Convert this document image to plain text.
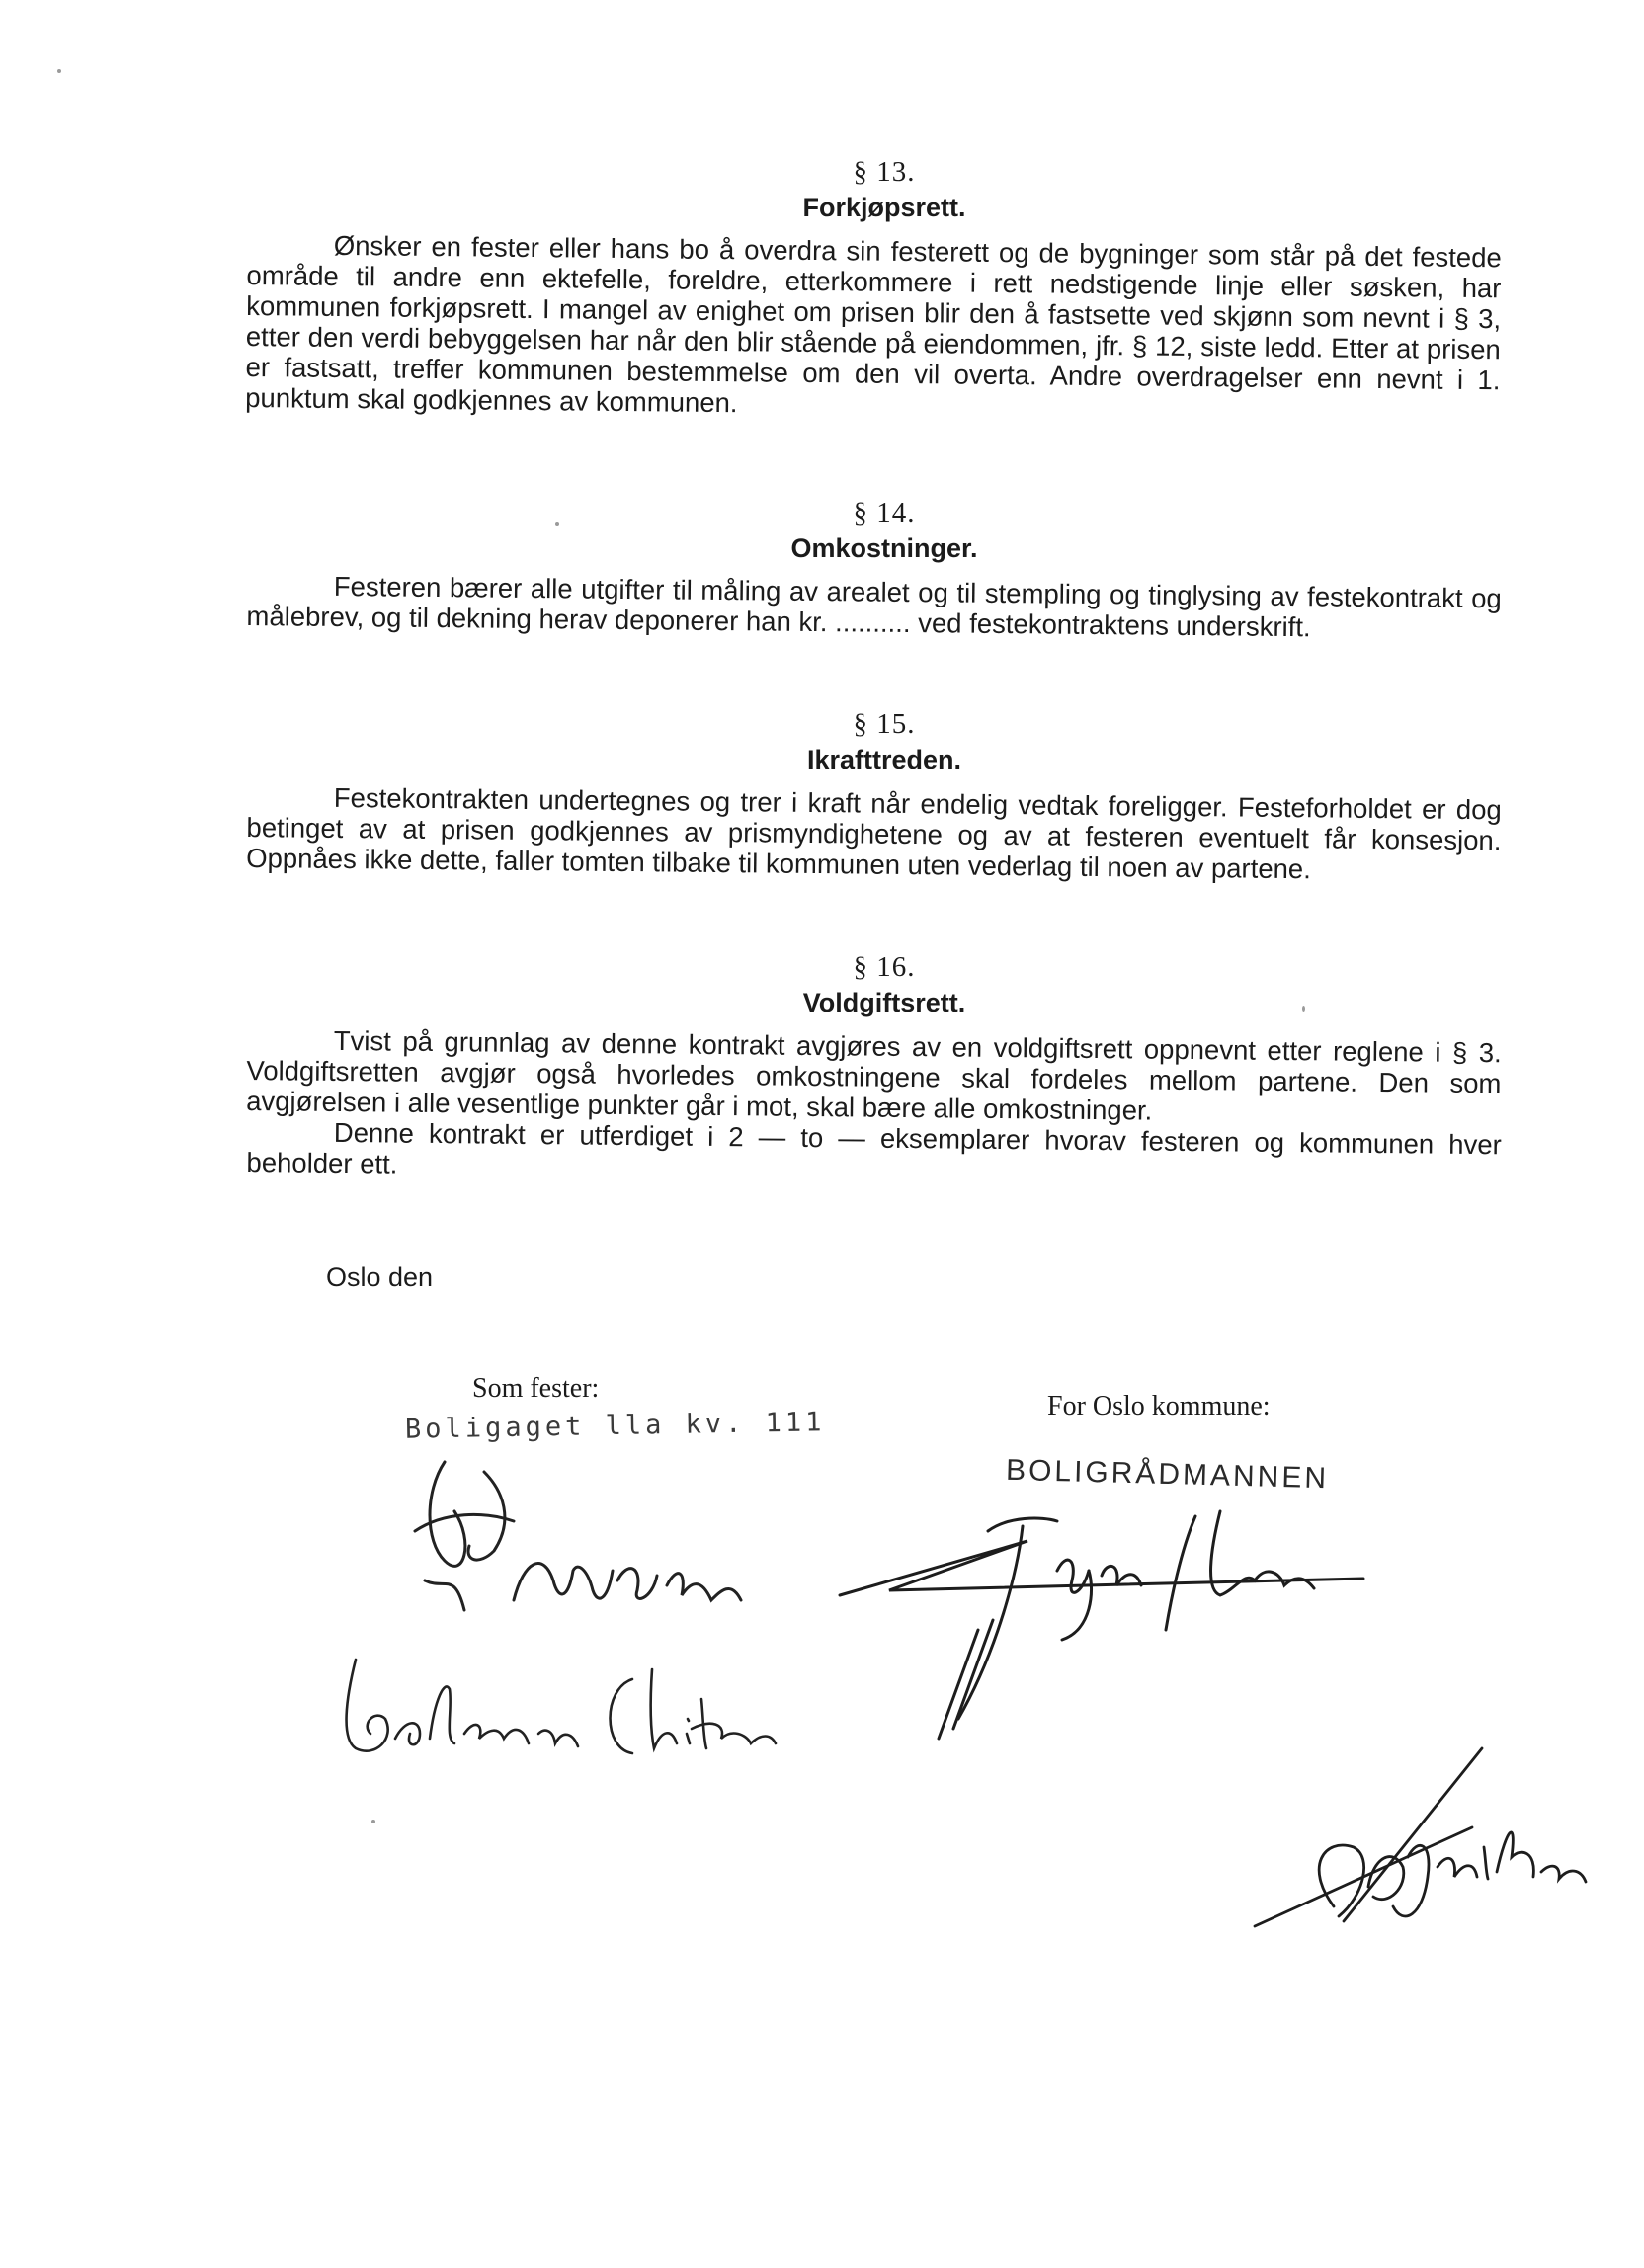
§ 13.
Forkjøpsrett.

Ønsker en fester eller hans bo å overdra sin festerett og de bygninger som står på det festede område til andre enn ektefelle, foreldre, etterkommere i rett nedstigende linje eller søsken, har kommunen forkjøpsrett. I mangel av enighet om prisen blir den å fastsette ved skjønn som nevnt i § 3, etter den verdi bebyggelsen har når den blir stående på eiendommen, jfr. § 12, siste ledd. Etter at prisen er fastsatt, treffer kommunen bestemmelse om den vil overta. Andre overdragelser enn nevnt i 1. punktum skal godkjennes av kommunen.

§ 14.
Omkostninger.

Festeren bærer alle utgifter til måling av arealet og til stempling og tinglysing av festekontrakt og målebrev, og til dekning herav deponerer han kr. .......... ved festekontraktens underskrift.

§ 15.
Ikrafttreden.

Festekontrakten undertegnes og trer i kraft når endelig vedtak foreligger. Festeforholdet er dog betinget av at prisen godkjennes av prismyndighetene og av at festeren eventuelt får konsesjon. Oppnåes ikke dette, faller tomten tilbake til kommunen uten vederlag til noen av partene.

§ 16.
Voldgiftsrett.

Tvist på grunnlag av denne kontrakt avgjøres av en voldgiftsrett oppnevnt etter reglene i § 3. Voldgiftsretten avgjør også hvorledes omkostningene skal fordeles mellom partene. Den som avgjørelsen i alle vesentlige punkter går i mot, skal bære alle omkostninger.

Denne kontrakt er utferdiget i 2 — to — eksemplarer hvorav festeren og kommunen hver beholder ett.

Oslo den
Som fester:
Boligaget lla kv. 111
For Oslo kommune:
BOLIGRÅDMANNEN
